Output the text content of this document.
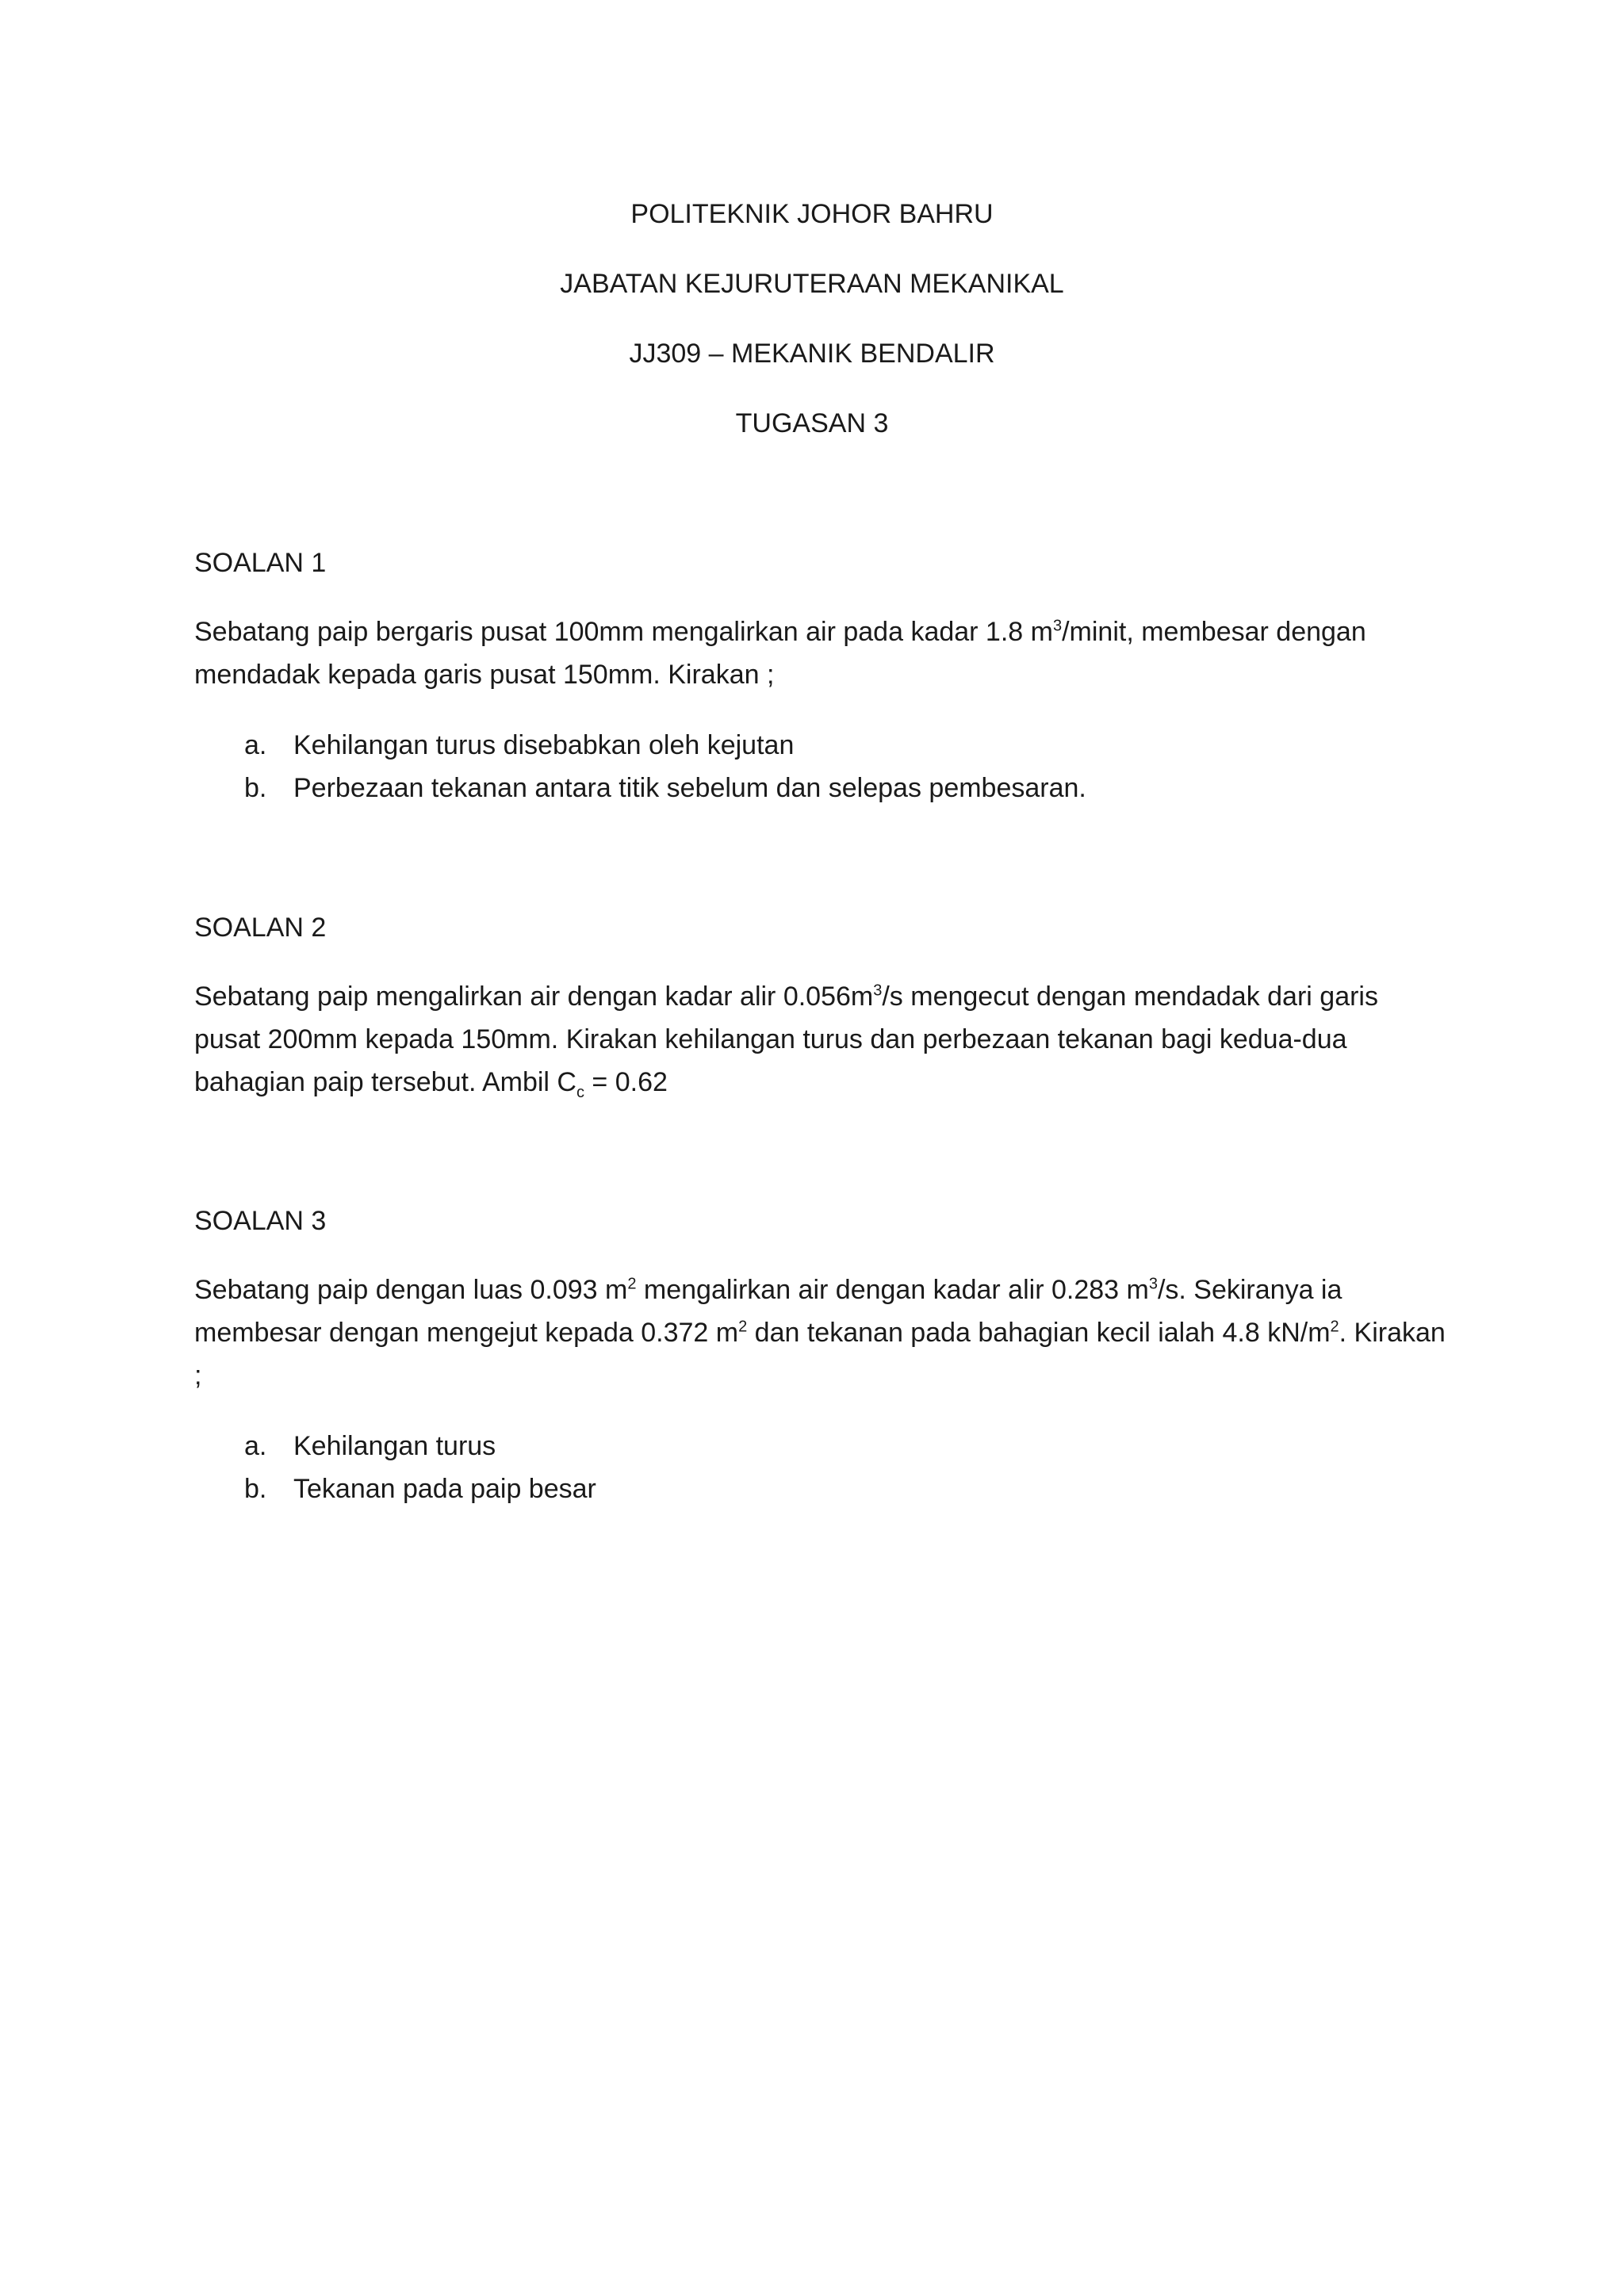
POLITEKNIK JOHOR BAHRU
JABATAN KEJURUTERAAN MEKANIKAL
JJ309 – MEKANIK BENDALIR
TUGASAN 3
SOALAN 1

Sebatang paip bergaris pusat 100mm mengalirkan air pada kadar 1.8 $m^3$/minit, membesar dengan mendadak kepada garis pusat 150mm. Kirakan ;

a. Kehilangan turus disebabkan oleh kejutan
b. Perbezaan tekanan antara titik sebelum dan selepas pembesaran.
SOALAN 2

Sebatang paip mengalirkan air dengan kadar alir $0.056m^3/s$ mengecut dengan mendadak dari garis pusat 200mm kepada 150mm. Kirakan kehilangan turus dan perbezaan tekanan bagi kedua-dua bahagian paip tersebut. Ambil $C_c = 0.62$

SOALAN 3

Sebatang paip dengan luas 0.093 $m^2$ mengalirkan air dengan kadar alir 0.283 $m^3/s$. Sekiranya ia membesar dengan mengejut kepada 0.372 $m^2$ dan tekanan pada bahagian kecil ialah 4.8 $kN/m^2$. Kirakan ;

a. Kehilangan turus
b. Tekanan pada paip besar
